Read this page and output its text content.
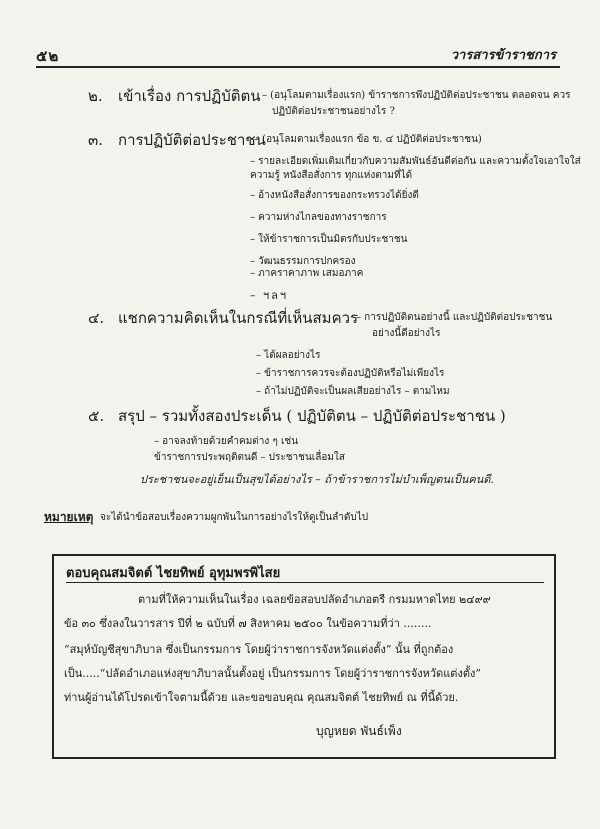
๕๒	วารสารข้าราชการ
๒. เข้าเรื่อง การปฏิบัติตน – (อนุโลมตามเรื่องแรก) ข้าราชการพึงปฏิบัติต่อประชาชน ตลอดจน ควร
ปฏิบัติต่อประชาชนอย่างไร ?
๓. การปฏิบัติต่อประชาชน
– (อนุโลมตามเรื่องแรก ข้อ ข. ๔ ปฏิบัติต่อประชาชน)
– รายละเอียดเพิ่มเติมเกี่ยวกับความสัมพันธ์อันดีต่อกัน และความตั้งใจเอาใจใส่
ความรู้ หนังสือสั่งการ ทุกแห่งตามที่ได้
– อ้างหนังสือสั่งการของกระทรวงได้ยิ่งดี
– ความห่างไกลของทางราชการ
– ให้ข้าราชการเป็นมิตรกับประชาชน
– วัฒนธรรมการปกครอง
– ภาคราคาภาพ เสมอภาค
– ฯลฯ
๔. แชกความคิดเห็นในกรณีที่เห็นสมควร
– การปฏิบัติตนอย่างนี้ และปฏิบัติต่อประชาชน
อย่างนี้ดีอย่างไร
– ได้ผลอย่างไร
– ข้าราชการควรจะต้องปฏิบัติหรือไม่เพียงไร
– ถ้าไม่ปฏิบัติจะเป็นผลเสียอย่างไร – ตามไหม
๕. สรุป – รวมทั้งสองประเด็น ( ปฏิบัติตน – ปฏิบัติต่อประชาชน )
– อาจลงท้ายด้วยคำคมต่าง ๆ เช่น
ข้าราชการประพฤติตนดี – ประชาชนเลื่อมใส
ประชาชนจะอยู่เย็นเป็นสุขได้อย่างไร – ถ้าข้าราชการไม่บำเพ็ญตนเป็นคนดี.
หมายเหตุ จะได้นำข้อสอบเรื่องความผูกพันในการอย่างไรให้ดูเป็นลำดับไป
ตอบคุณสมจิตต์ ไชยทิพย์ อุทุมพรพิไสย
ตามที่ให้ความเห็นในเรื่อง เฉลยข้อสอบปลัดอำเภอตรี กรมมหาดไทย ๒๔๙๙
ข้อ ๓๐ ซึ่งลงในวารสาร ปีที่ ๒ ฉบับที่ ๗ สิงหาคม ๒๕๐๐ ในข้อความที่ว่า ........
“สมุห์บัญชีสุขาภิบาล ซึ่งเป็นกรรมการ โดยผู้ว่าราชการจังหวัดแต่งตั้ง” นั้น ที่ถูกต้อง
เป็น.....“ปลัดอำเภอแห่งสุขาภิบาลนั้นตั้งอยู่ เป็นกรรมการ โดยผู้ว่าราชการจังหวัดแต่งตั้ง”
ท่านผู้อ่านได้โปรดเข้าใจตามนี้ด้วย และขอขอบคุณ คุณสมจิตต์ ไชยทิพย์ ณ ที่นี้ด้วย.
บุญหยด พันธ์เพ็ง
